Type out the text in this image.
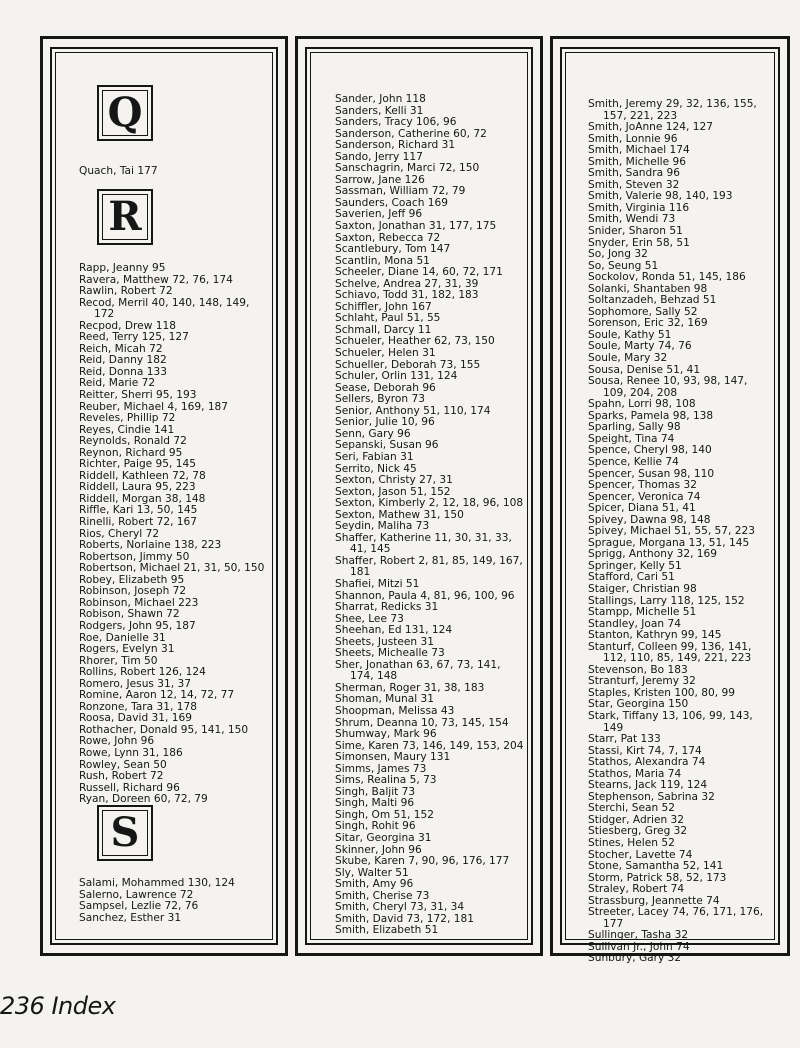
Q
Quach, Tai 177
R
Rapp, Jeanny 95
Ravera, Matthew 72, 76, 174
Rawlin, Robert 72
Recod, Merril 40, 140, 148, 149, 172
Recpod, Drew 118
Reed, Terry 125, 127
Reich, Micah 72
Reid, Danny 182
Reid, Donna 133
Reid, Marie 72
Reitter, Sherri 95, 193
Reuber, Michael 4, 169, 187
Reveles, Phillip 72
Reyes, Cindie 141
Reynolds, Ronald 72
Reynon, Richard 95
Richter, Paige 95, 145
Riddell, Kathleen 72, 78
Riddell, Laura 95, 223
Riddell, Morgan 38, 148
Riffle, Kari 13, 50, 145
Rinelli, Robert 72, 167
Rios, Cheryl 72
Roberts, Norlaine 138, 223
Robertson, Jimmy 50
Robertson, Michael 21, 31, 50, 150
Robey, Elizabeth 95
Robinson, Joseph 72
Robinson, Michael 223
Robison, Shawn 72
Rodgers, John 95, 187
Roe, Danielle 31
Rogers, Evelyn 31
Rhorer, Tim 50
Rollins, Robert 126, 124
Romero, Jesus 31, 37
Romine, Aaron 12, 14, 72, 77
Ronzone, Tara 31, 178
Roosa, David 31, 169
Rothacher, Donald 95, 141, 150
Rowe, John 96
Rowe, Lynn 31, 186
Rowley, Sean 50
Rush, Robert 72
Russell, Richard 96
Ryan, Doreen 60, 72, 79
S
Salami, Mohammed 130, 124
Salerno, Lawrence 72
Sampsel, Lezlie 72, 76
Sanchez, Esther 31
Sander, John 118
Sanders, Kelli 31
Sanders, Tracy 106, 96
Sanderson, Catherine 60, 72
Sanderson, Richard 31
Sando, Jerry 117
Sanschagrin, Marci 72, 150
Sarrow, Jane 126
Sassman, William 72, 79
Saunders, Coach 169
Saverien, Jeff 96
Saxton, Jonathan 31, 177, 175
Saxton, Rebecca 72
Scantlebury, Tom 147
Scantlin, Mona 51
Scheeler, Diane 14, 60, 72, 171
Schelve, Andrea 27, 31, 39
Schiavo, Todd 31, 182, 183
Schiffler, John 167
Schlaht, Paul 51, 55
Schmall, Darcy 11
Schueler, Heather 62, 73, 150
Schueler, Helen 31
Schueller, Deborah 73, 155
Schuler, Orlin 131, 124
Sease, Deborah 96
Sellers, Byron 73
Senior, Anthony 51, 110, 174
Senior, Julie 10, 96
Senn, Gary 96
Sepanski, Susan 96
Seri, Fabian 31
Serrito, Nick 45
Sexton, Christy 27, 31
Sexton, Jason 51, 152
Sexton, Kimberly 2, 12, 18, 96, 108
Sexton, Mathew 31, 150
Seydin, Maliha 73
Shaffer, Katherine 11, 30, 31, 33, 41, 145
Shaffer, Robert 2, 81, 85, 149, 167, 181
Shafiei, Mitzi 51
Shannon, Paula 4, 81, 96, 100, 96
Sharrat, Redicks 31
Shee, Lee 73
Sheehan, Ed 131, 124
Sheets, Justeen 31
Sheets, Michealle 73
Sher, Jonathan 63, 67, 73, 141, 174, 148
Sherman, Roger 31, 38, 183
Shoman, Munal 31
Shoopman, Melissa 43
Shrum, Deanna 10, 73, 145, 154
Shumway, Mark 96
Sime, Karen 73, 146, 149, 153, 204
Simonsen, Maury 131
Simms, James 73
Sims, Realina 5, 73
Singh, Baljit 73
Singh, Malti 96
Singh, Om 51, 152
Singh, Rohit 96
Sitar, Georgina 31
Skinner, John 96
Skube, Karen 7, 90, 96, 176, 177
Sly, Walter 51
Smith, Amy 96
Smith, Cherise 73
Smith, Cheryl 73, 31, 34
Smith, David 73, 172, 181
Smith, Elizabeth 51
Smith, Jeremy 29, 32, 136, 155, 157, 221, 223
Smith, JoAnne 124, 127
Smith, Lonnie 96
Smith, Michael 174
Smith, Michelle 96
Smith, Sandra 96
Smith, Steven 32
Smith, Valerie 98, 140, 193
Smith, Virginia 116
Smith, Wendi 73
Snider, Sharon 51
Snyder, Erin 58, 51
So, Jong 32
So, Seung 51
Sockolov, Ronda 51, 145, 186
Solanki, Shantaben 98
Soltanzadeh, Behzad 51
Sophomore, Sally 52
Sorenson, Eric 32, 169
Soule, Kathy 51
Soule, Marty 74, 76
Soule, Mary 32
Sousa, Denise 51, 41
Sousa, Renee 10, 93, 98, 147, 109, 204, 208
Spahn, Lorri 98, 108
Sparks, Pamela 98, 138
Sparling, Sally 98
Speight, Tina 74
Spence, Cheryl 98, 140
Spence, Kellie 74
Spencer, Susan 98, 110
Spencer, Thomas 32
Spencer, Veronica 74
Spicer, Diana 51, 41
Spivey, Dawna 98, 148
Spivey, Michael 51, 55, 57, 223
Sprague, Morgana 13, 51, 145
Sprigg, Anthony 32, 169
Springer, Kelly 51
Stafford, Cari 51
Staiger, Christian 98
Stallings, Larry 118, 125, 152
Stampp, Michelle 51
Standley, Joan 74
Stanton, Kathryn 99, 145
Stanturf, Colleen 99, 136, 141, 112, 110, 85, 149, 221, 223
Stevenson, Bo 183
Stranturf, Jeremy 32
Staples, Kristen 100, 80, 99
Star, Georgina 150
Stark, Tiffany 13, 106, 99, 143, 149
Starr, Pat 133
Stassi, Kirt 74, 7, 174
Stathos, Alexandra 74
Stathos, Maria 74
Stearns, Jack 119, 124
Stephenson, Sabrina 32
Sterchi, Sean 52
Stidger, Adrien 32
Stiesberg, Greg 32
Stines, Helen 52
Stocher, Lavette 74
Stone, Samantha 52, 141
Storm, Patrick 58, 52, 173
Straley, Robert 74
Strassburg, Jeannette 74
Streeter, Lacey 74, 76, 171, 176, 177
Sullinger, Tasha 32
Sullivan Jr., John 74
Sunbury, Gary 32
236 Index
